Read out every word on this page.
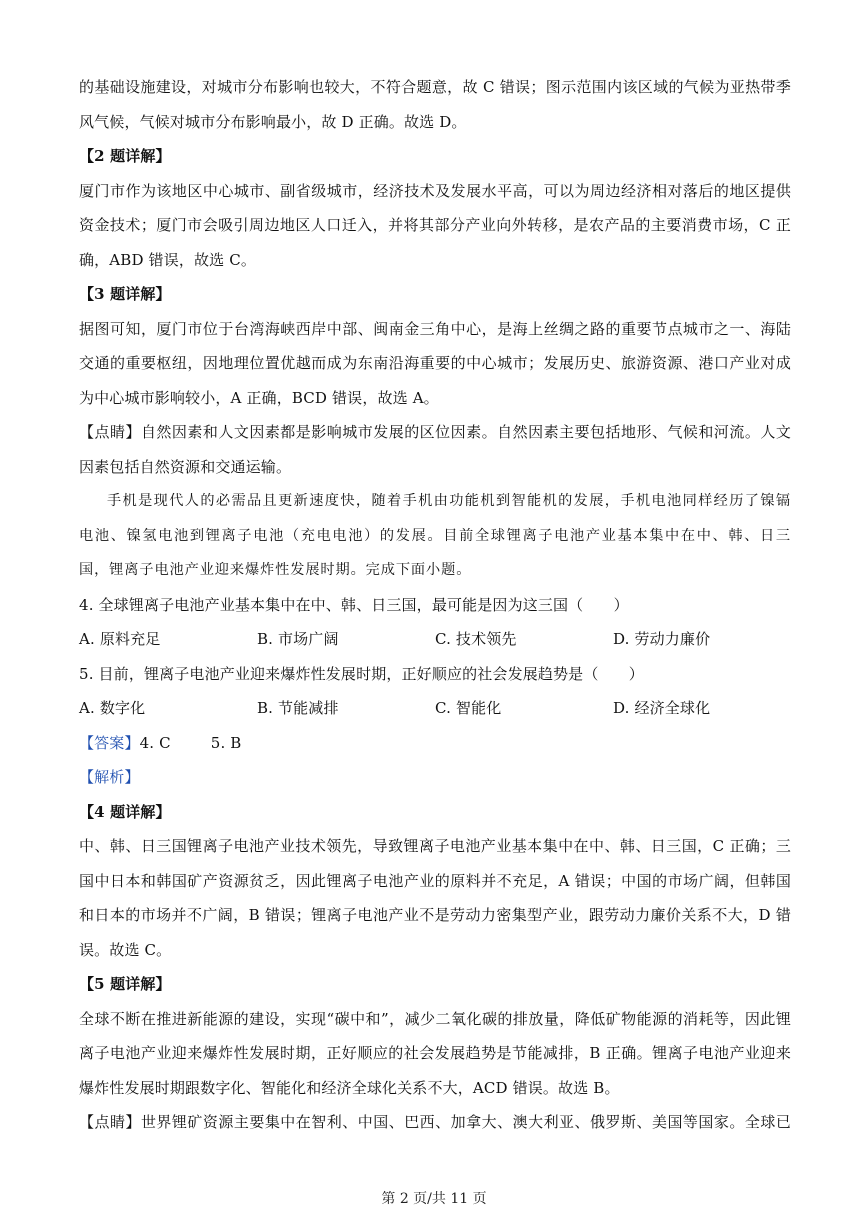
的基础设施建设，对城市分布影响也较大，不符合题意，故 C 错误；图示范围内该区域的气候为亚热带季
风气候，气候对城市分布影响最小，故 D 正确。故选 D。
【2 题详解】
厦门市作为该地区中心城市、副省级城市，经济技术及发展水平高，可以为周边经济相对落后的地区提供
资金技术；厦门市会吸引周边地区人口迁入，并将其部分产业向外转移，是农产品的主要消费市场，C 正
确，ABD 错误，故选 C。
【3 题详解】
据图可知，厦门市位于台湾海峡西岸中部、闽南金三角中心，是海上丝绸之路的重要节点城市之一、海陆
交通的重要枢纽，因地理位置优越而成为东南沿海重要的中心城市；发展历史、旅游资源、港口产业对成
为中心城市影响较小，A 正确，BCD 错误，故选 A。
【点睛】自然因素和人文因素都是影响城市发展的区位因素。自然因素主要包括地形、气候和河流。人文
因素包括自然资源和交通运输。
手机是现代人的必需品且更新速度快，随着手机由功能机到智能机的发展，手机电池同样经历了镍镉
电池、镍氢电池到锂离子电池（充电电池）的发展。目前全球锂离子电池产业基本集中在中、韩、日三
国，锂离子电池产业迎来爆炸性发展时期。完成下面小题。
4. 全球锂离子电池产业基本集中在中、韩、日三国，最可能是因为这三国（　　）
A. 原料充足	B. 市场广阔	C. 技术领先	D. 劳动力廉价
5. 目前，锂离子电池产业迎来爆炸性发展时期，正好顺应的社会发展趋势是（　　）
A. 数字化	B. 节能减排	C. 智能化	D. 经济全球化
【答案】4. C	5. B
【解析】
【4 题详解】
中、韩、日三国锂离子电池产业技术领先，导致锂离子电池产业基本集中在中、韩、日三国，C 正确；三
国中日本和韩国矿产资源贫乏，因此锂离子电池产业的原料并不充足，A 错误；中国的市场广阔，但韩国
和日本的市场并不广阔，B 错误；锂离子电池产业不是劳动力密集型产业，跟劳动力廉价关系不大，D 错
误。故选 C。
【5 题详解】
全球不断在推进新能源的建设，实现“碳中和”，减少二氧化碳的排放量，降低矿物能源的消耗等，因此锂
离子电池产业迎来爆炸性发展时期，正好顺应的社会发展趋势是节能减排，B 正确。锂离子电池产业迎来
爆炸性发展时期跟数字化、智能化和经济全球化关系不大，ACD 错误。故选 B。
【点睛】世界锂矿资源主要集中在智利、中国、巴西、加拿大、澳大利亚、俄罗斯、美国等国家。全球已
第 2 页/共 11 页
